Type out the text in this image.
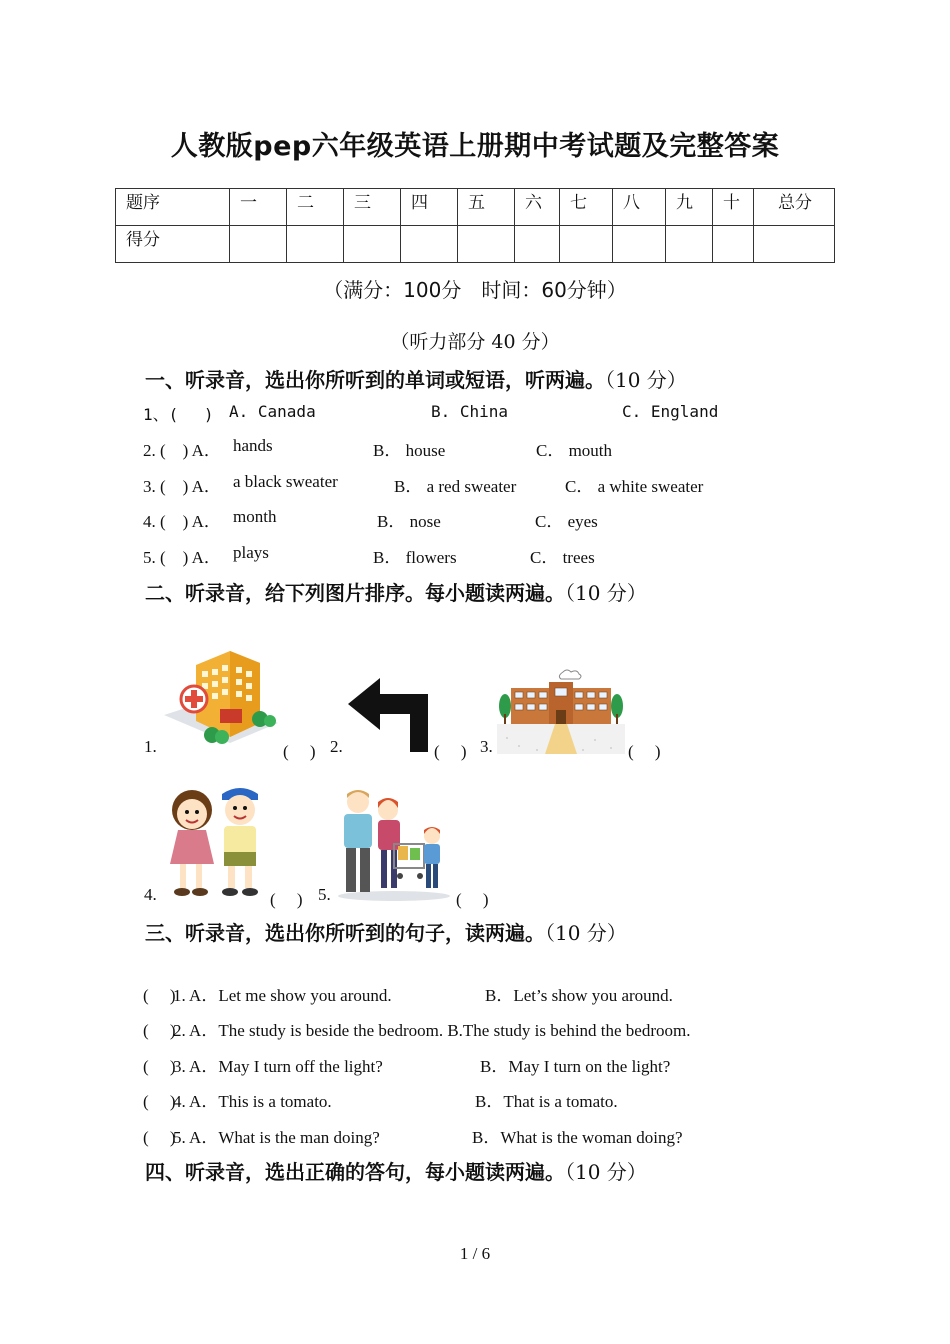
人教版pep六年级英语上册期中考试题及完整答案
题序	一	二	三	四	五	六	七	八	九	十	总分
得分											
（满分：100分　时间：60分钟）
（听力部分 40 分）
一、听录音，选出你所听到的单词或短语，听两遍。（10 分）
1、(　 ) A. Canada	B. China	C. England
2. (　) A． hands	B． house	C． mouth
3. (　) A． a black sweater	B． a red sweater	C． a white sweater
4. (　) A． month	B． nose	C． eyes
5. (　) A． plays	B． flowers	C． trees
二、听录音，给下列图片排序。每小题读两遍。（10 分）
1.	(　 ) 2.	(　 ) 3.	(　 )
4.	(　 ) 5.	(　 )
三、听录音，选出你所听到的句子，读两遍。（10 分）
(　 )
1. A．Let me show you around.	B．Let’s show you around.
(　 )
2. A．The study is beside the bedroom. B.The study is behind the bedroom.
(　 )
3. A．May I turn off the light?	B．May I turn on the light?
(　 )
4. A．This is a tomato.	B．That is a tomato.
(　 )
5. A．What is the man doing?	B．What is the woman doing?
四、听录音，选出正确的答句，每小题读两遍。（10 分）
1 / 6
